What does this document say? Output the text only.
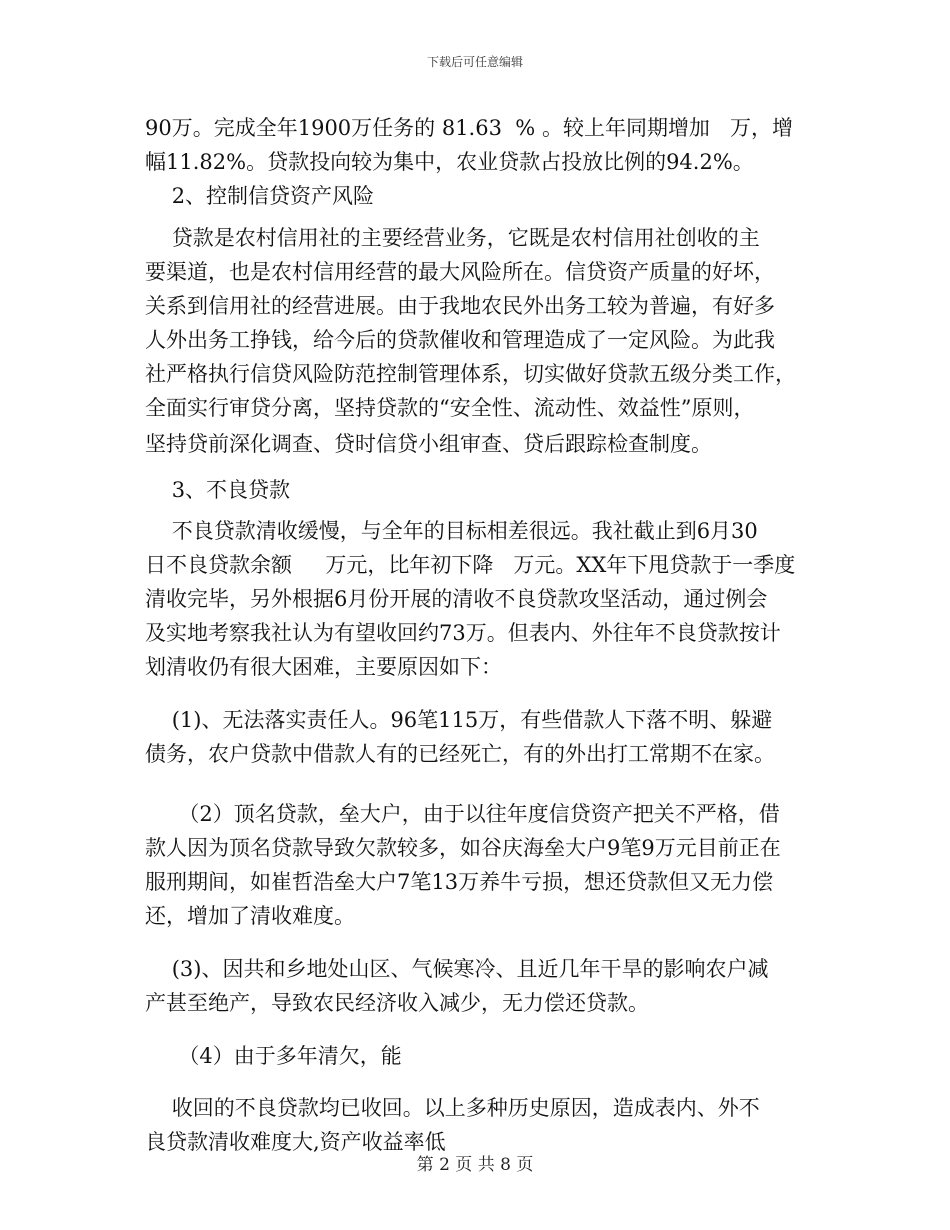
下载后可任意编辑
90万。完成全年1900万任务的 81.63  % 。较上年同期增加   万，增
幅11.82%。贷款投向较为集中，农业贷款占投放比例的94.2%。
2、控制信贷资产风险
贷款是农村信用社的主要经营业务，它既是农村信用社创收的主
要渠道，也是农村信用经营的最大风险所在。信贷资产质量的好坏，
关系到信用社的经营进展。由于我地农民外出务工较为普遍，有好多
人外出务工挣钱，给今后的贷款催收和管理造成了一定风险。为此我
社严格执行信贷风险防范控制管理体系，切实做好贷款五级分类工作，
全面实行审贷分离，坚持贷款的“安全性、流动性、效益性”原则，
坚持贷前深化调查、贷时信贷小组审查、贷后跟踪检查制度。
3、不良贷款
不良贷款清收缓慢，与全年的目标相差很远。我社截止到6月30
日不良贷款余额     万元，比年初下降   万元。XX年下甩贷款于一季度
清收完毕，另外根据6月份开展的清收不良贷款攻坚活动，通过例会
及实地考察我社认为有望收回约73万。但表内、外往年不良贷款按计
划清收仍有很大困难，主要原因如下：
(1)、无法落实责任人。96笔115万，有些借款人下落不明、躲避
债务，农户贷款中借款人有的已经死亡，有的外出打工常期不在家。
（2）顶名贷款，垒大户，由于以往年度信贷资产把关不严格，借
款人因为顶名贷款导致欠款较多，如谷庆海垒大户9笔9万元目前正在
服刑期间，如崔哲浩垒大户7笔13万养牛亏损，想还贷款但又无力偿
还，增加了清收难度。
(3)、因共和乡地处山区、气候寒冷、且近几年干旱的影响农户减
产甚至绝产，导致农民经济收入减少，无力偿还贷款。
（4）由于多年清欠，能
收回的不良贷款均已收回。以上多种历史原因，造成表内、外不
良贷款清收难度大,资产收益率低
第 2 页 共 8 页
